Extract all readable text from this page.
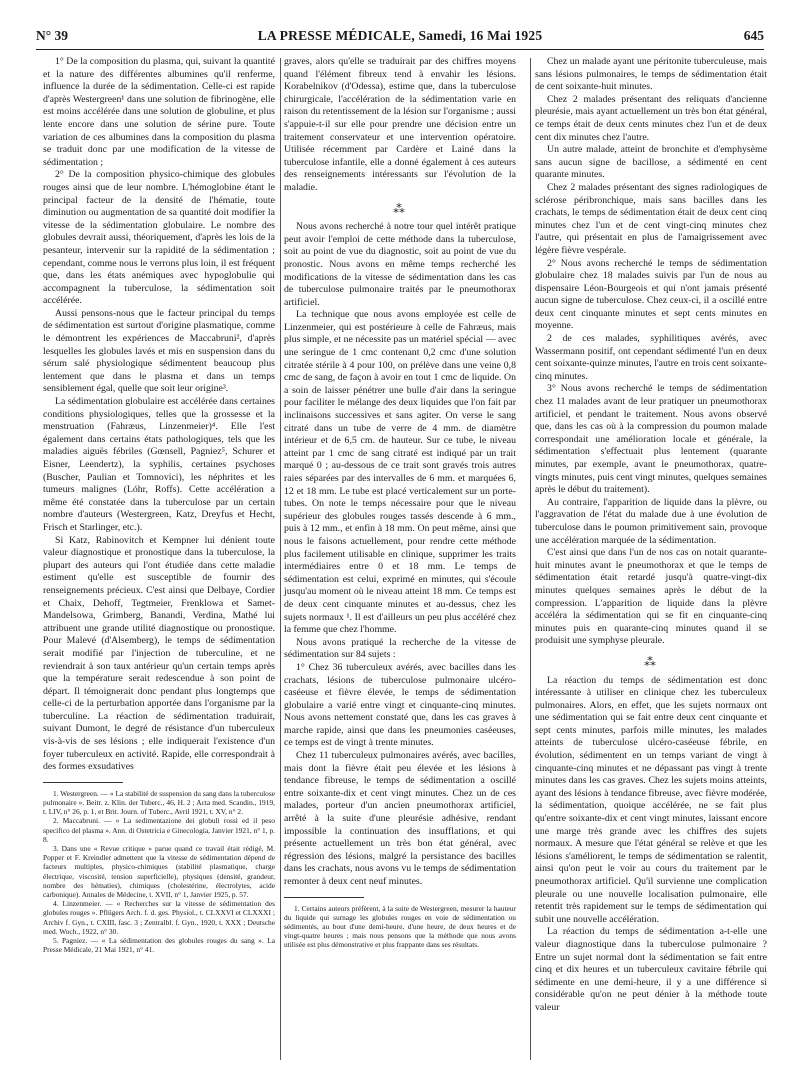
N° 39	LA PRESSE MÉDICALE, Samedi, 16 Mai 1925	645

1° De la composition du plasma, qui, suivant la quantité et la nature des différentes albumines qu'il renferme, influence la durée de la sédimentation. Celle-ci est rapide d'après Westergreen¹ dans une solution de fibrinogène, elle est moins accélérée dans une solution de globuline, et plus lente encore dans une solution de sérine pure. Toute variation de ces albumines dans la composition du plasma se traduit donc par une modification de la vitesse de sédimentation ;

2° De la composition physico-chimique des globules rouges ainsi que de leur nombre. L'hémoglobine étant le principal facteur de la densité de l'hématie, toute diminution ou augmentation de sa quantité doit modifier la vitesse de la sédimentation globulaire. Le nombre des globules devrait aussi, théoriquement, d'après les lois de la pesanteur, intervenir sur la rapidité de la sédimentation ; cependant, comme nous le verrons plus loin, il est fréquent que, dans les états anémiques avec hypoglobulie qui accompagnent la tuberculose, la sédimentation soit accélérée.

Aussi pensons-nous que le facteur principal du temps de sédimentation est surtout d'origine plasmatique, comme le démontrent les expériences de Maccabruni², d'après lesquelles les globules lavés et mis en suspension dans du sérum salé physiologique sédimentent beaucoup plus lentement que dans le plasma et dans un temps sensiblement égal, quelle que soit leur origine³.

La sédimentation globulaire est accélérée dans certaines conditions physiologiques, telles que la grossesse et la menstruation (Fahræus, Linzenmeier)⁴. Elle l'est également dans certains états pathologiques, tels que les maladies aiguës fébriles (Gœnsell, Pagniez⁵, Schurer et Eisner, Leendertz), la syphilis, certaines psychoses (Buscher, Paulian et Tomnovici), les néphrites et les tumeurs malignes (Lóhr, Roffs). Cette accélération a même été constatée dans la tuberculose par un certain nombre d'auteurs (Westergreen, Katz, Dreyfus et Hecht, Frisch et Starlinger, etc.).

Si Katz, Rabinovitch et Kempner lui dénient toute valeur diagnostique et pronostique dans la tuberculose, la plupart des auteurs qui l'ont étudiée dans cette maladie estiment qu'elle est susceptible de fournir des renseignements précieux. C'est ainsi que Delbaye, Cordier et Chaix, Dehoff, Tegtmeier, Frenklowa et Samet-Mandelsowa, Grimberg, Banandi, Verdina, Mathé lui attribuent une grande utilité diagnostique ou pronostique. Pour Malevé (d'Alsemberg), le temps de sédimentation serait modifié par l'injection de tuberculine, et ne reviendrait à son taux antérieur qu'un certain temps après que la température serait redescendue à son point de départ. Il témoignerait donc pendant plus longtemps que celle-ci de la perturbation apportée dans l'organisme par la tuberculine. La réaction de sédimentation traduirait, suivant Dumont, le degré de résistance d'un tuberculeux vis-à-vis de ses lésions ; elle indiquerait l'existence d'un foyer tuberculeux en activité. Rapide, elle correspondrait à des formes exsudatives

1. Westergreen. — « La stabilité de suspension du sang dans la tuberculose pulmonaire ». Beitr. z. Klin. der Tuberc., 46, H. 2 ; Acta med. Scandin., 1919, t. LIV, n° 26, p. 1, et Brit. Journ. of Tuberc., Avril 1921, t. XV, n° 2.

2. Maccabruni. — « La sedimentazione dei globuli rossi ed il peso specifico del plasma ». Ann. di Ostetricia e Ginecologia, Janvier 1921, n° 1, p. 8.

3. Dans une « Revue critique » parue quand ce travail était rédigé, M. Popper et F. Kreindler admettent que la vitesse de sédimentation dépend de facteurs multiples, physico-chimiques (stabilité plasmatique, charge électrique, viscosité, tension superficielle), physiques (densité, grandeur, nombre des hématies), chimiques (cholestérine, électrolytes, acide carbonique). Annales de Médecine, t. XVII, n° 1, Janvier 1925, p. 57.

4. Linzenmeier. — « Recherches sur la vitesse de sédimentation des globules rouges ». Pflügers Arch. f. d. ges. Physiol., t. CLXXVI et CLXXXI ; Archiv f. Gyn., t. CXIII, fasc. 3 ; Zentralbl. f. Gyn., 1920, t. XXX ; Deutsche med. Woch., 1922, n° 30.

5. Pagniez. — « La sédimentation des globules rouges du sang ». La Presse Médicale, 21 Mai 1921, n° 41.

graves, alors qu'elle se traduirait par des chiffres moyens quand l'élément fibreux tend à envahir les lésions. Korabelnikov (d'Odessa), estime que, dans la tuberculose chirurgicale, l'accélération de la sédimentation varie en raison du retentissement de la lésion sur l'organisme ; aussi s'appuie-t-il sur elle pour prendre une décision entre un traitement conservateur et une intervention opératoire. Utilisée récemment par Cardère et Lainé dans la tuberculose infantile, elle a donné également à ces auteurs des renseignements intéressants sur l'évolution de la maladie.

⁂

Nous avons recherché à notre tour quel intérêt pratique peut avoir l'emploi de cette méthode dans la tuberculose, soit au point de vue du diagnostic, soit au point de vue du pronostic. Nous avons en même temps recherché les modifications de la vitesse de sédimentation dans les cas de tuberculose pulmonaire traités par le pneumothorax artificiel.

La technique que nous avons employée est celle de Linzenmeier, qui est postérieure à celle de Fahræus, mais plus simple, et ne nécessite pas un matériel spécial — avec une seringue de 1 cmc contenant 0,2 cmc d'une solution citratée stérile à 4 pour 100, on prélève dans une veine 0,8 cmc de sang, de façon à avoir en tout 1 cmc de liquide. On a soin de laisser pénétrer une bulle d'air dans la seringue pour faciliter le mélange des deux liquides que l'on fait par inclinaisons successives et sans agiter. On verse le sang citraté dans un tube de verre de 4 mm. de diamètre intérieur et de 6,5 cm. de hauteur. Sur ce tube, le niveau atteint par 1 cmc de sang citraté est indiqué par un trait marqué 0 ; au-dessous de ce trait sont gravés trois autres raies séparées par des intervalles de 6 mm. et marquées 6, 12 et 18 mm. Le tube est placé verticalement sur un porte-tubes. On note le temps nécessaire pour que le niveau supérieur des globules rouges tassés descende à 6 mm., puis à 12 mm., et enfin à 18 mm. On peut même, ainsi que nous le faisons actuellement, pour rendre cette méthode plus facilement utilisable en clinique, supprimer les traits intermédiaires entre 0 et 18 mm. Le temps de sédimentation est celui, exprimé en minutes, qui s'écoule jusqu'au moment où le niveau atteint 18 mm. Ce temps est de deux cent cinquante minutes et au-dessus, chez les sujets normaux ¹. Il est d'ailleurs un peu plus accéléré chez la femme que chez l'homme.

Nous avons pratiqué la recherche de la vitesse de sédimentation sur 84 sujets :

1° Chez 36 tuberculeux avérés, avec bacilles dans les crachats, lésions de tuberculose pulmonaire ulcéro-caséeuse et fièvre élevée, le temps de sédimentation globulaire a varié entre vingt et cinquante-cinq minutes. Nous avons nettement constaté que, dans les cas graves à marche rapide, ainsi que dans les pneumonies caséeuses, ce temps est de vingt à trente minutes.

Chez 11 tuberculeux pulmonaires avérés, avec bacilles, mais dont la fièvre était peu élevée et les lésions à tendance fibreuse, le temps de sédimentation a oscillé entre soixante-dix et cent vingt minutes. Chez un de ces malades, porteur d'un ancien pneumothorax artificiel, arrêté à la suite d'une pleurésie adhésive, rendant impossible la continuation des insufflations, et qui présente actuellement un très bon état général, avec régression des lésions, malgré la persistance des bacilles dans les crachats, nous avons vu le temps de sédimentation remonter à deux cent neuf minutes.

1. Certains auteurs préfèrent, à la suite de Westergreen, mesurer la hauteur du liquide qui surnage les globules rouges en voie de sédimentation ou sédimentés, au bout d'une demi-heure, d'une heure, de deux heures et de vingt-quatre heures ; mais nous pensons que la méthode que nous avons utilisée est plus démonstrative et plus frappante dans ses résultats.

Chez un malade ayant une péritonite tuberculeuse, mais sans lésions pulmonaires, le temps de sédimentation était de cent soixante-huit minutes.

Chez 2 malades présentant des reliquats d'ancienne pleurésie, mais ayant actuellement un très bon état général, ce temps était de deux cents minutes chez l'un et de deux cent dix minutes chez l'autre.

Un autre malade, atteint de bronchite et d'emphysème sans aucun signe de bacillose, a sédimenté en cent quarante minutes.

Chez 2 malades présentant des signes radiologiques de sclérose péribronchique, mais sans bacilles dans les crachats, le temps de sédimentation était de deux cent cinq minutes chez l'un et de cent vingt-cinq minutes chez l'autre, qui présentait en plus de l'amaigrissement avec légère fièvre vespérale.

2° Nous avons recherché le temps de sédimentation globulaire chez 18 malades suivis par l'un de nous au dispensaire Léon-Bourgeois et qui n'ont jamais présenté aucun signe de tuberculose. Chez ceux-ci, il a oscillé entre deux cent cinquante minutes et sept cents minutes en moyenne.

2 de ces malades, syphilitiques avérés, avec Wassermann positif, ont cependant sédimenté l'un en deux cent soixante-quinze minutes, l'autre en trois cent soixante-cinq minutes.

3° Nous avons recherché le temps de sédimentation chez 11 malades avant de leur pratiquer un pneumothorax artificiel, et pendant le traitement. Nous avons observé que, dans les cas où à la compression du poumon malade correspondait une amélioration locale et générale, la sédimentation s'effectuait plus lentement (quarante minutes, par exemple, avant le pneumothorax, quatre-vingts minutes, puis cent vingt minutes, quelques semaines après le début du traitement).

Au contraire, l'apparition de liquide dans la plèvre, ou l'aggravation de l'état du malade due à une évolution de tuberculose dans le poumon primitivement sain, provoque une accélération marquée de la sédimentation.

C'est ainsi que dans l'un de nos cas on notait quarante-huit minutes avant le pneumothorax et que le temps de sédimentation était retardé jusqu'à quatre-vingt-dix minutes quelques semaines après le début de la compression. L'apparition de liquide dans la plèvre accéléra la sédimentation qui se fit en cinquante-cinq minutes puis en quarante-cinq minutes quand il se produisit une symphyse pleurale.

⁂

La réaction du temps de sédimentation est donc intéressante à utiliser en clinique chez les tuberculeux pulmonaires. Alors, en effet, que les sujets normaux ont une sédimentation qui se fait entre deux cent cinquante et sept cents minutes, parfois mille minutes, les malades atteints de tuberculose ulcéro-caséeuse fébrile, en évolution, sédimentent en un temps variant de vingt à cinquante-cinq minutes et ne dépassant pas vingt à trente minutes dans les cas graves. Chez les sujets moins atteints, ayant des lésions à tendance fibreuse, avec fièvre modérée, la sédimentation, quoique accélérée, ne se fait plus qu'entre soixante-dix et cent vingt minutes, laissant encore une marge très grande avec les chiffres des sujets normaux. A mesure que l'état général se relève et que les lésions s'améliorent, le temps de sédimentation se ralentit, ainsi qu'on peut le voir au cours du traitement par le pneumothorax artificiel. Qu'il survienne une complication pleurale ou une nouvelle localisation pulmonaire, elle retentit très rapidement sur le temps de sédimentation qui subit une nouvelle accélération.

La réaction du temps de sédimentation a-t-elle une valeur diagnostique dans la tuberculose pulmonaire ? Entre un sujet normal dont la sédimentation se fait entre cinq et dix heures et un tuberculeux cavitaire fébrile qui sédimente en une demi-heure, il y a une différence si considérable qu'on ne peut dénier à la méthode toute valeur
